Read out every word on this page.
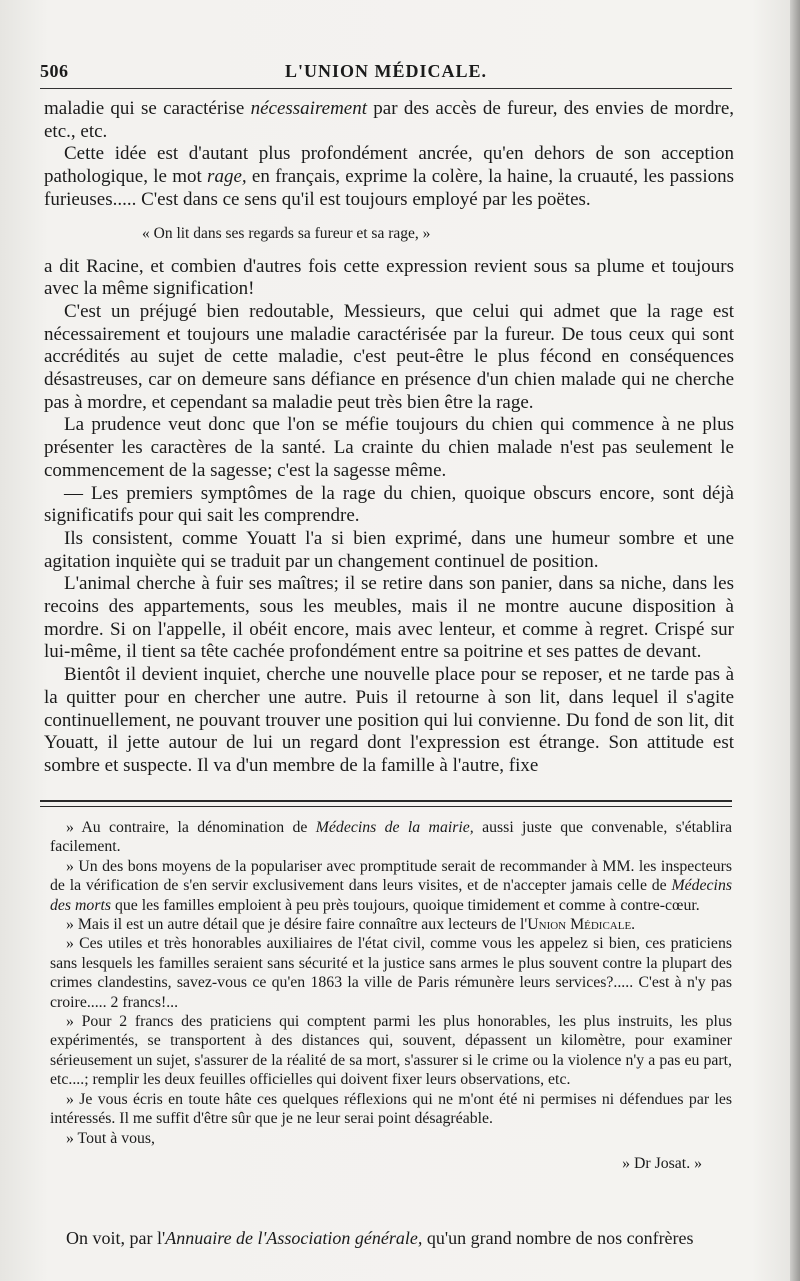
506	L'UNION MÉDICALE.

maladie qui se caractérise nécessairement par des accès de fureur, des envies de mordre, etc., etc.

Cette idée est d'autant plus profondément ancrée, qu'en dehors de son acception pathologique, le mot rage, en français, exprime la colère, la haine, la cruauté, les passions furieuses..... C'est dans ce sens qu'il est toujours employé par les poëtes.

« On lit dans ses regards sa fureur et sa rage, »

a dit Racine, et combien d'autres fois cette expression revient sous sa plume et toujours avec la même signification!

C'est un préjugé bien redoutable, Messieurs, que celui qui admet que la rage est nécessairement et toujours une maladie caractérisée par la fureur. De tous ceux qui sont accrédités au sujet de cette maladie, c'est peut-être le plus fécond en conséquences désastreuses, car on demeure sans défiance en présence d'un chien malade qui ne cherche pas à mordre, et cependant sa maladie peut très bien être la rage.

La prudence veut donc que l'on se méfie toujours du chien qui commence à ne plus présenter les caractères de la santé. La crainte du chien malade n'est pas seulement le commencement de la sagesse; c'est la sagesse même.

— Les premiers symptômes de la rage du chien, quoique obscurs encore, sont déjà significatifs pour qui sait les comprendre.

Ils consistent, comme Youatt l'a si bien exprimé, dans une humeur sombre et une agitation inquiète qui se traduit par un changement continuel de position.

L'animal cherche à fuir ses maîtres; il se retire dans son panier, dans sa niche, dans les recoins des appartements, sous les meubles, mais il ne montre aucune disposition à mordre. Si on l'appelle, il obéit encore, mais avec lenteur, et comme à regret. Crispé sur lui-même, il tient sa tête cachée profondément entre sa poitrine et ses pattes de devant.

Bientôt il devient inquiet, cherche une nouvelle place pour se reposer, et ne tarde pas à la quitter pour en chercher une autre. Puis il retourne à son lit, dans lequel il s'agite continuellement, ne pouvant trouver une position qui lui convienne. Du fond de son lit, dit Youatt, il jette autour de lui un regard dont l'expression est étrange. Son attitude est sombre et suspecte. Il va d'un membre de la famille à l'autre, fixe

» Au contraire, la dénomination de Médecins de la mairie, aussi juste que convenable, s'établira facilement.

» Un des bons moyens de la populariser avec promptitude serait de recommander à MM. les inspecteurs de la vérification de s'en servir exclusivement dans leurs visites, et de n'accepter jamais celle de Médecins des morts que les familles emploient à peu près toujours, quoique timidement et comme à contre-cœur.

» Mais il est un autre détail que je désire faire connaître aux lecteurs de l'Union Médicale.

» Ces utiles et très honorables auxiliaires de l'état civil, comme vous les appelez si bien, ces praticiens sans lesquels les familles seraient sans sécurité et la justice sans armes le plus souvent contre la plupart des crimes clandestins, savez-vous ce qu'en 1863 la ville de Paris rémunère leurs services?..... C'est à n'y pas croire..... 2 francs!...

» Pour 2 francs des praticiens qui comptent parmi les plus honorables, les plus instruits, les plus expérimentés, se transportent à des distances qui, souvent, dépassent un kilomètre, pour examiner sérieusement un sujet, s'assurer de la réalité de sa mort, s'assurer si le crime ou la violence n'y a pas eu part, etc....; remplir les deux feuilles officielles qui doivent fixer leurs observations, etc.

» Je vous écris en toute hâte ces quelques réflexions qui ne m'ont été ni permises ni défendues par les intéressés. Il me suffit d'être sûr que je ne leur serai point désagréable.

» Tout à vous,

» Dr Josat. »

On voit, par l'Annuaire de l'Association générale, qu'un grand nombre de nos confrères
